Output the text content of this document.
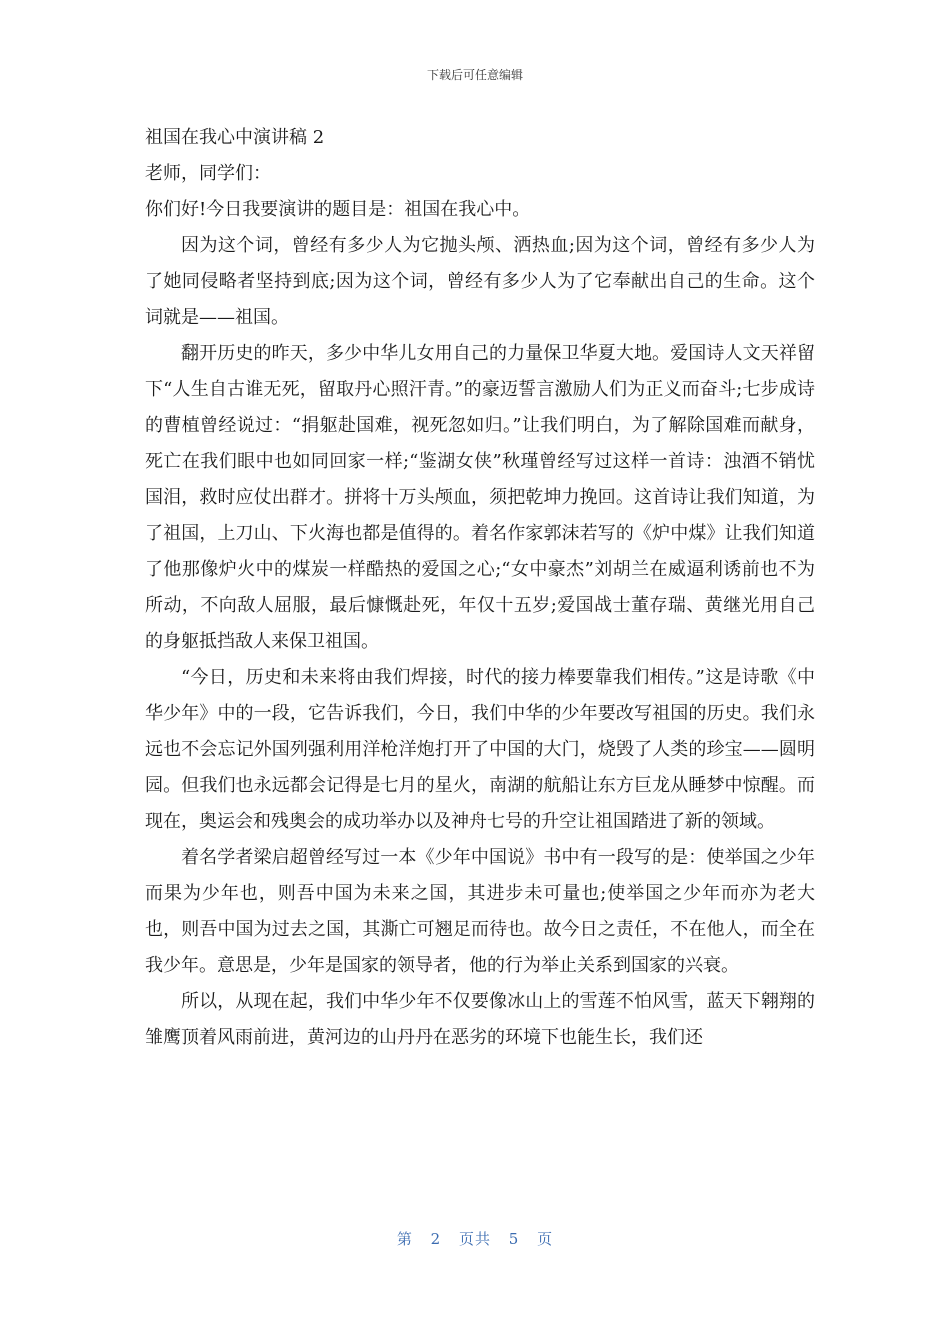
下载后可任意编辑

祖国在我心中演讲稿 2

老师，同学们：

你们好!今日我要演讲的题目是：祖国在我心中。

因为这个词，曾经有多少人为它抛头颅、洒热血;因为这个词，曾经有多少人为了她同侵略者坚持到底;因为这个词，曾经有多少人为了它奉献出自己的生命。这个词就是——祖国。

翻开历史的昨天，多少中华儿女用自己的力量保卫华夏大地。爱国诗人文天祥留下“人生自古谁无死，留取丹心照汗青。”的豪迈誓言激励人们为正义而奋斗;七步成诗的曹植曾经说过：“捐躯赴国难，视死忽如归。”让我们明白，为了解除国难而献身，死亡在我们眼中也如同回家一样;“鉴湖女侠”秋瑾曾经写过这样一首诗：浊酒不销忧国泪，救时应仗出群才。拼将十万头颅血，须把乾坤力挽回。这首诗让我们知道，为了祖国，上刀山、下火海也都是值得的。着名作家郭沫若写的《炉中煤》让我们知道了他那像炉火中的煤炭一样酷热的爱国之心;“女中豪杰”刘胡兰在威逼利诱前也不为所动，不向敌人屈服，最后慷慨赴死，年仅十五岁;爱国战士董存瑞、黄继光用自己的身躯抵挡敌人来保卫祖国。

“今日，历史和未来将由我们焊接，时代的接力棒要靠我们相传。”这是诗歌《中华少年》中的一段，它告诉我们，今日，我们中华的少年要改写祖国的历史。我们永远也不会忘记外国列强利用洋枪洋炮打开了中国的大门，烧毁了人类的珍宝——圆明园。但我们也永远都会记得是七月的星火，南湖的航船让东方巨龙从睡梦中惊醒。而现在，奥运会和残奥会的成功举办以及神舟七号的升空让祖国踏进了新的领域。

着名学者梁启超曾经写过一本《少年中国说》书中有一段写的是：使举国之少年而果为少年也，则吾中国为未来之国，其进步未可量也;使举国之少年而亦为老大也，则吾中国为过去之国，其澌亡可翘足而待也。故今日之责任，不在他人，而全在我少年。意思是，少年是国家的领导者，他的行为举止关系到国家的兴衰。

所以，从现在起，我们中华少年不仅要像冰山上的雪莲不怕风雪，蓝天下翱翔的雏鹰顶着风雨前进，黄河边的山丹丹在恶劣的环境下也能生长，我们还

第 2 页共 5 页
